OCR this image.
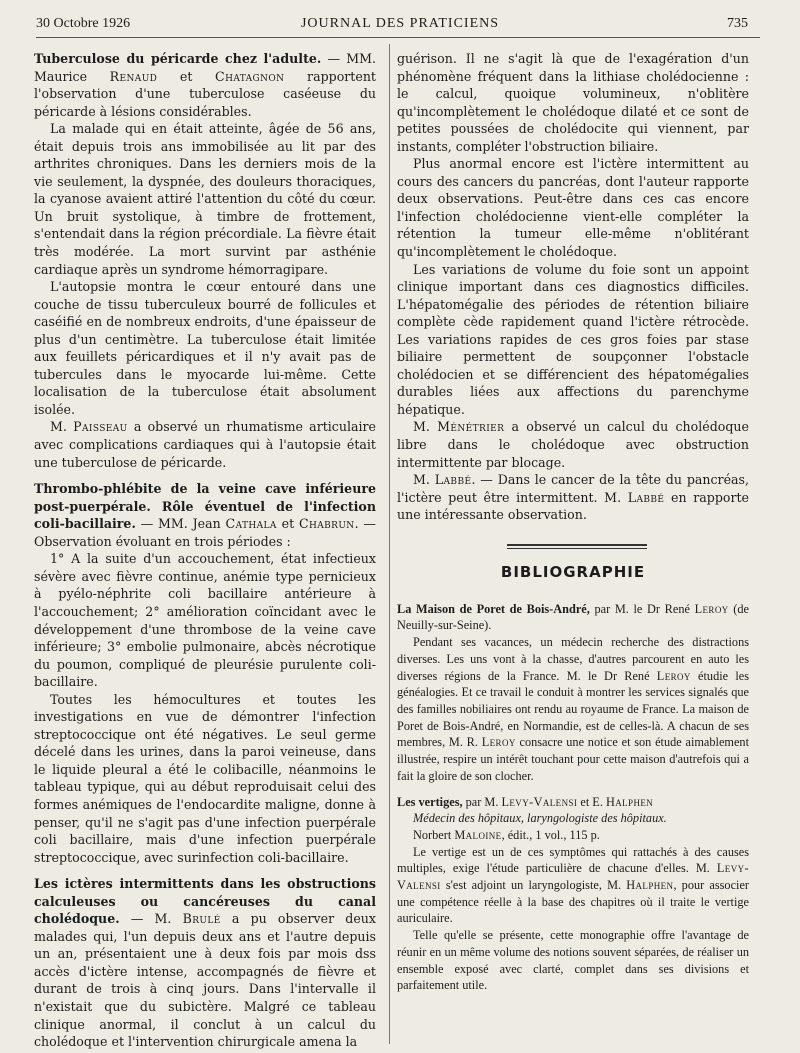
30 Octobre 1926	JOURNAL DES PRATICIENS	735

Tuberculose du péricarde chez l'adulte. — MM. Maurice Renaud et Chatagnon rapportent l'observation d'une tuberculose caséeuse du péricarde à lésions considérables.

La malade qui en était atteinte, âgée de 56 ans, était depuis trois ans immobilisée au lit par des arthrites chroniques. Dans les derniers mois de la vie seulement, la dyspnée, des douleurs thoraciques, la cyanose avaient attiré l'attention du côté du cœur. Un bruit systolique, à timbre de frottement, s'entendait dans la région précordiale. La fièvre était très modérée. La mort survint par asthénie cardiaque après un syndrome hémorragipare.

L'autopsie montra le cœur entouré dans une couche de tissu tuberculeux bourré de follicules et caséifié en de nombreux endroits, d'une épaisseur de plus d'un centimètre. La tuberculose était limitée aux feuillets péricardiques et il n'y avait pas de tubercules dans le myocarde lui-même. Cette localisation de la tuberculose était absolument isolée.

M. Paisseau a observé un rhumatisme articulaire avec complications cardiaques qui à l'autopsie était une tuberculose de péricarde.

Thrombo-phlébite de la veine cave inférieure post-puerpérale. Rôle éventuel de l'infection coli-bacillaire. — MM. Jean Cathala et Chabrun. — Observation évoluant en trois périodes :

1° A la suite d'un accouchement, état infectieux sévère avec fièvre continue, anémie type pernicieux à pyélo-néphrite coli bacillaire antérieure à l'accouchement; 2° amélioration coïncidant avec le développement d'une thrombose de la veine cave inférieure; 3° embolie pulmonaire, abcès nécrotique du poumon, compliqué de pleurésie purulente coli-bacillaire.

Toutes les hémocultures et toutes les investigations en vue de démontrer l'infection streptococcique ont été négatives. Le seul germe décelé dans les urines, dans la paroi veineuse, dans le liquide pleural a été le colibacille, néanmoins le tableau typique, qui au début reproduisait celui des formes anémiques de l'endocardite maligne, donne à penser, qu'il ne s'agit pas d'une infection puerpérale coli bacillaire, mais d'une infection puerpérale streptococcique, avec surinfection coli-bacillaire.

Les ictères intermittents dans les obstructions calculeuses ou cancéreuses du canal cholédoque. — M. Brulé a pu observer deux malades qui, l'un depuis deux ans et l'autre depuis un an, présentaient une à deux fois par mois dss accès d'ictère intense, accompagnés de fièvre et durant de trois à cinq jours. Dans l'intervalle il n'existait que du subictère. Malgré ce tableau clinique anormal, il conclut à un calcul du cholédoque et l'intervention chirurgicale amena la

guérison. Il ne s'agit là que de l'exagération d'un phénomène fréquent dans la lithiase cholédocienne : le calcul, quoique volumineux, n'oblitère qu'incomplètement le cholédoque dilaté et ce sont de petites poussées de cholédocite qui viennent, par instants, compléter l'obstruction biliaire.

Plus anormal encore est l'ictère intermittent au cours des cancers du pancréas, dont l'auteur rapporte deux observations. Peut-être dans ces cas encore l'infection cholédocienne vient-elle compléter la rétention la tumeur elle-même n'oblitérant qu'incomplètement le cholédoque.

Les variations de volume du foie sont un appoint clinique important dans ces diagnostics difficiles. L'hépatomégalie des périodes de rétention biliaire complète cède rapidement quand l'ictère rétrocède. Les variations rapides de ces gros foies par stase biliaire permettent de soupçonner l'obstacle cholédocien et se différencient des hépatomégalies durables liées aux affections du parenchyme hépatique.

M. Ménétrier a observé un calcul du cholédoque libre dans le cholédoque avec obstruction intermittente par blocage.

M. Labbé. — Dans le cancer de la tête du pancréas, l'ictère peut être intermittent. M. Labbé en rapporte une intéressante observation.

BIBLIOGRAPHIE

La Maison de Poret de Bois-André, par M. le Dr René Leroy (de Neuilly-sur-Seine).

Pendant ses vacances, un médecin recherche des distractions diverses. Les uns vont à la chasse, d'autres parcourent en auto les diverses régions de la France. M. le Dr René Leroy étudie les généalogies. Et ce travail le conduit à montrer les services signalés que des familles nobiliaires ont rendu au royaume de France. La maison de Poret de Bois-André, en Normandie, est de celles-là. A chacun de ses membres, M. R. Leroy consacre une notice et son étude aimablement illustrée, respire un intérêt touchant pour cette maison d'autrefois qui a fait la gloire de son clocher.

Les vertiges, par M. Levy-Valensi et E. Halphen

Médecin des hôpitaux, laryngologiste des hôpitaux.

Norbert Maloine, édit., 1 vol., 115 p.

Le vertige est un de ces symptômes qui rattachés à des causes multiples, exige l'étude particulière de chacune d'elles. M. Levy-Valensi s'est adjoint un laryngologiste, M. Halphen, pour associer une compétence réelle à la base des chapitres où il traite le vertige auriculaire.

Telle qu'elle se présente, cette monographie offre l'avantage de réunir en un même volume des notions souvent séparées, de réaliser un ensemble exposé avec clarté, complet dans ses divisions et parfaitement utile.
